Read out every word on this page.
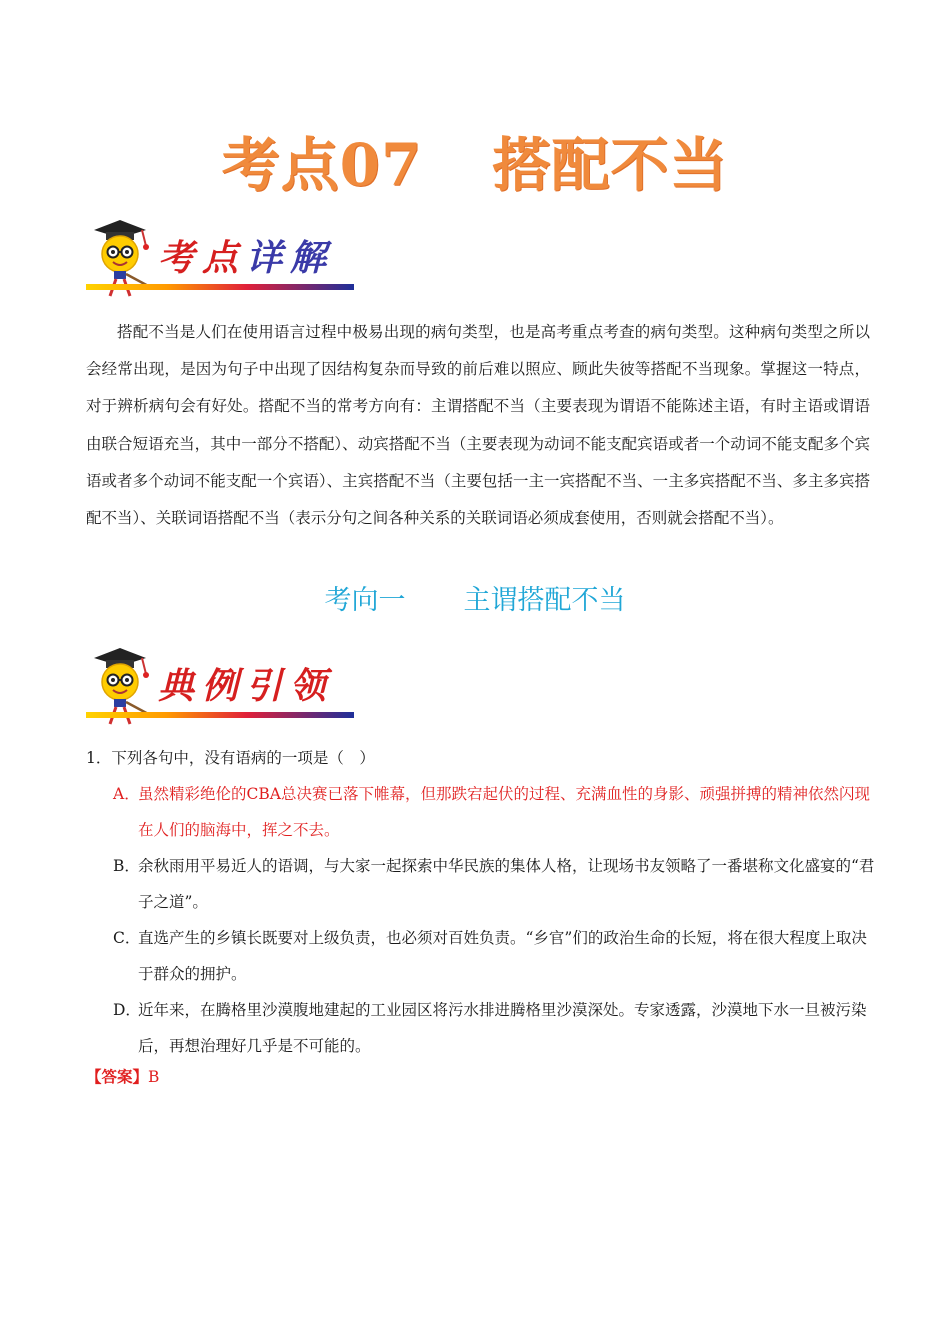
考点07 搭配不当
考点详解

搭配不当是人们在使用语言过程中极易出现的病句类型，也是高考重点考查的病句类型。这种病句类型之所以会经常出现，是因为句子中出现了因结构复杂而导致的前后难以照应、顾此失彼等搭配不当现象。掌握这一特点，对于辨析病句会有好处。搭配不当的常考方向有：主谓搭配不当（主要表现为谓语不能陈述主语，有时主语或谓语由联合短语充当，其中一部分不搭配）、动宾搭配不当（主要表现为动词不能支配宾语或者一个动词不能支配多个宾语或者多个动词不能支配一个宾语）、主宾搭配不当（主要包括一主一宾搭配不当、一主多宾搭配不当、多主多宾搭配不当）、关联词语搭配不当（表示分句之间各种关系的关联词语必须成套使用，否则就会搭配不当）。

考向一 主谓搭配不当
典例引领

1．下列各句中，没有语病的一项是（　）

A．
虽然精彩绝伦的CBA总决赛已落下帷幕，但那跌宕起伏的过程、充满血性的身影、顽强拼搏的精神依然闪现在人们的脑海中，挥之不去。

B．
余秋雨用平易近人的语调，与大家一起探索中华民族的集体人格，让现场书友领略了一番堪称文化盛宴的“君子之道”。

C．
直选产生的乡镇长既要对上级负责，也必须对百姓负责。“乡官”们的政治生命的长短，将在很大程度上取决于群众的拥护。

D．
近年来，在腾格里沙漠腹地建起的工业园区将污水排进腾格里沙漠深处。专家透露，沙漠地下水一旦被污染后，再想治理好几乎是不可能的。

【答案】B
